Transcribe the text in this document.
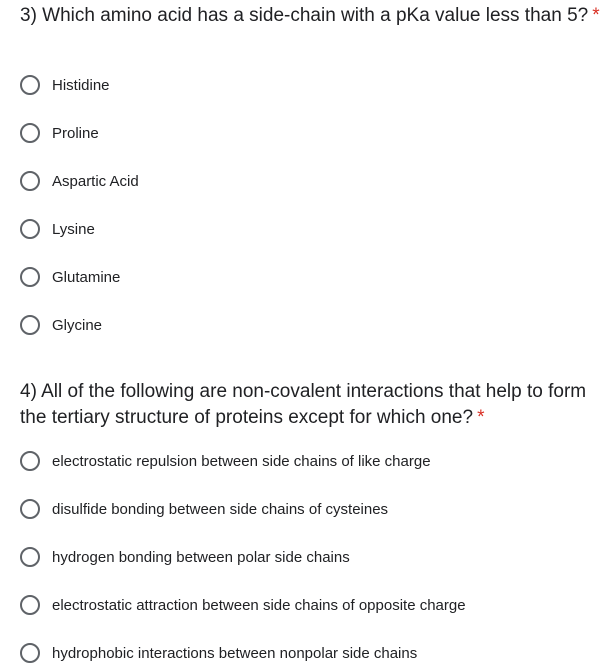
3) Which amino acid has a side-chain with a pKa value less than 5? *
Histidine
Proline
Aspartic Acid
Lysine
Glutamine
Glycine
4) All of the following are non-covalent interactions that help to form the tertiary structure of proteins except for which one? *
electrostatic repulsion between side chains of like charge
disulfide bonding between side chains of cysteines
hydrogen bonding between polar side chains
electrostatic attraction between side chains of opposite charge
hydrophobic interactions between nonpolar side chains
